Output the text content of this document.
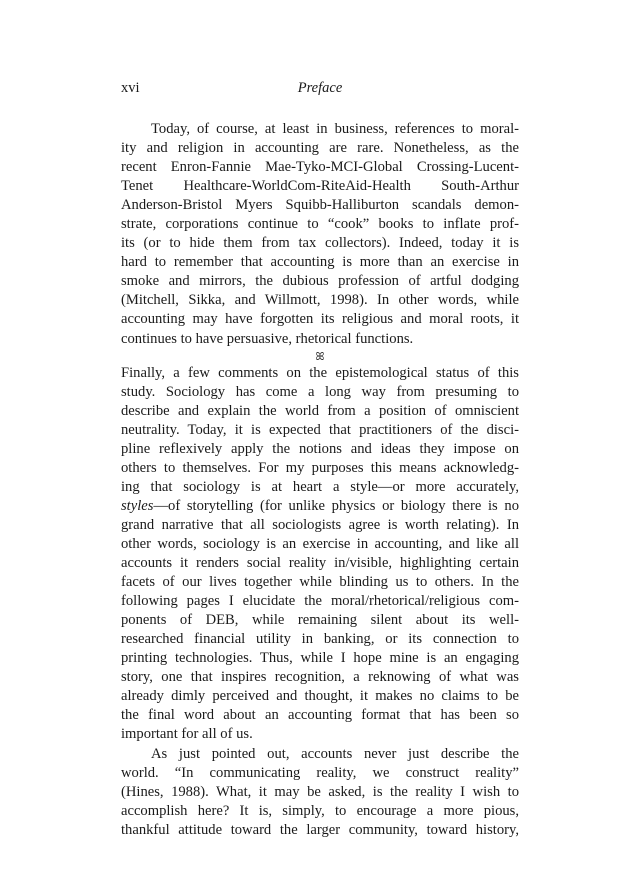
xvi	Preface
Today, of course, at least in business, references to moral-
ity and religion in accounting are rare. Nonetheless, as the
recent Enron-Fannie Mae-Tyko-MCI-Global Crossing-Lucent-
Tenet Healthcare-WorldCom-RiteAid-Health South-Arthur
Anderson-Bristol Myers Squibb-Halliburton scandals demon-
strate, corporations continue to “cook” books to inflate prof-
its (or to hide them from tax collectors). Indeed, today it is
hard to remember that accounting is more than an exercise in
smoke and mirrors, the dubious profession of artful dodging
(Mitchell, Sikka, and Willmott, 1998). In other words, while
accounting may have forgotten its religious and moral roots, it
continues to have persuasive, rhetorical functions.
ꕤ
Finally, a few comments on the epistemological status of this
study. Sociology has come a long way from presuming to
describe and explain the world from a position of omniscient
neutrality. Today, it is expected that practitioners of the disci-
pline reflexively apply the notions and ideas they impose on
others to themselves. For my purposes this means acknowledg-
ing that sociology is at heart a style—or more accurately,
styles—of storytelling (for unlike physics or biology there is no
grand narrative that all sociologists agree is worth relating). In
other words, sociology is an exercise in accounting, and like all
accounts it renders social reality in/visible, highlighting certain
facets of our lives together while blinding us to others. In the
following pages I elucidate the moral/rhetorical/religious com-
ponents of DEB, while remaining silent about its well-
researched financial utility in banking, or its connection to
printing technologies. Thus, while I hope mine is an engaging
story, one that inspires recognition, a reknowing of what was
already dimly perceived and thought, it makes no claims to be
the final word about an accounting format that has been so
important for all of us.
As just pointed out, accounts never just describe the
world. “In communicating reality, we construct reality”
(Hines, 1988). What, it may be asked, is the reality I wish to
accomplish here? It is, simply, to encourage a more pious,
thankful attitude toward the larger community, toward history,
